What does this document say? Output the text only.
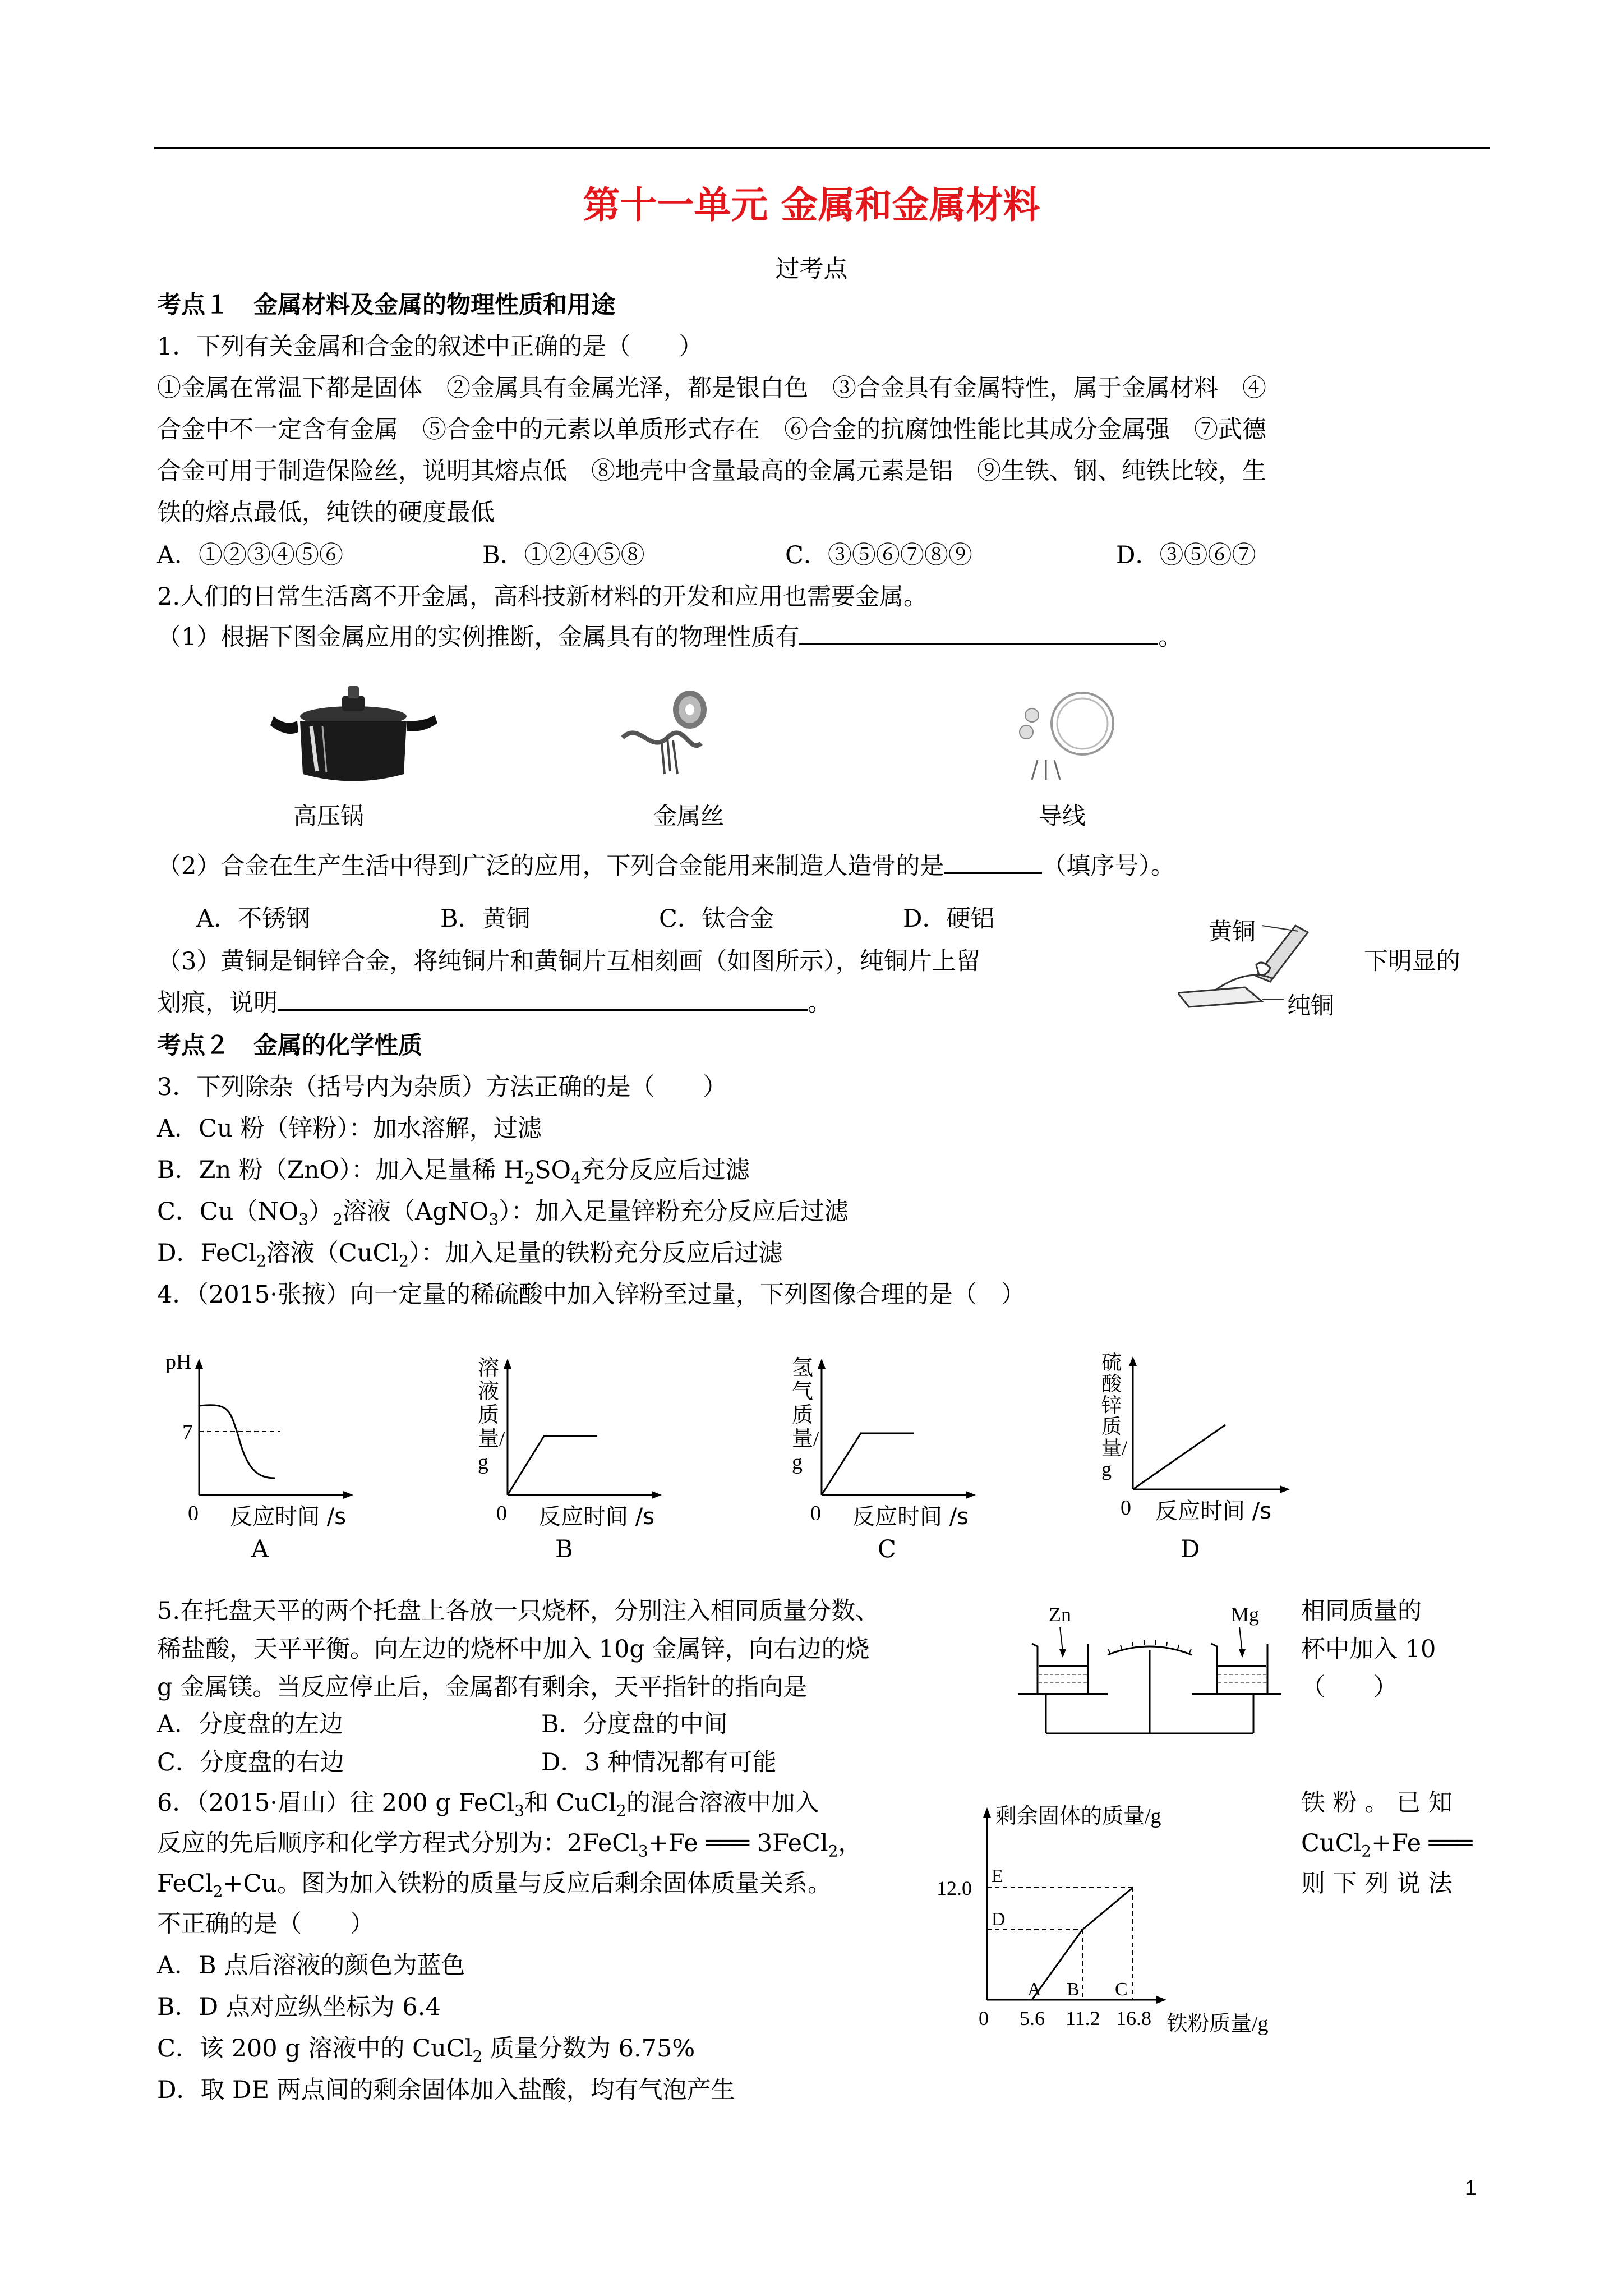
第十一单元 金属和金属材料
过考点
考点１　金属材料及金属的物理性质和用途
1．下列有关金属和合金的叙述中正确的是（　　）
①金属在常温下都是固体　②金属具有金属光泽，都是银白色　③合金具有金属特性，属于金属材料　④
合金中不一定含有金属　⑤合金中的元素以单质形式存在　⑥合金的抗腐蚀性能比其成分金属强　⑦武德
合金可用于制造保险丝，说明其熔点低　⑧地壳中含量最高的金属元素是铝　⑨生铁、钢、纯铁比较，生
铁的熔点最低，纯铁的硬度最低
A．①②③④⑤⑥	B．①②④⑤⑧	C．③⑤⑥⑦⑧⑨	D．③⑤⑥⑦
2.人们的日常生活离不开金属，高科技新材料的开发和应用也需要金属。
（1）根据下图金属应用的实例推断，金属具有的物理性质有	。
高压锅	金属丝	导线
（2）合金在生产生活中得到广泛的应用，下列合金能用来制造人造骨的是	（填序号）。
A．不锈钢	B．黄铜	C．钛合金	D．硬铝
（3）黄铜是铜锌合金，将纯铜片和黄铜片互相刻画（如图所示），纯铜片上留	下明显的
划痕，说明	。
黄铜
纯铜
考点２　金属的化学性质
3．下列除杂（括号内为杂质）方法正确的是（　　）
A．Cu 粉（锌粉）：加水溶解，过滤
B．Zn 粉（ZnO）：加入足量稀 $H_2SO_4$充分反应后过滤
C．$Cu(NO_3)_2$溶液（AgNO$_3$）：加入足量锌粉充分反应后过滤
D．FeCl$_2$溶液（CuCl$_2$）：加入足量的铁粉充分反应后过滤
4．（2015·张掖）向一定量的稀硫酸中加入锌粉至过量，下列图像合理的是（　）
pH
7
0 反应时间 /s
A
0
溶液质量/g
反应时间 /s
B
0
氢气质量/g
反应时间 /s
C
0
硫酸锌质量/g
反应时间 /s
D
5.在托盘天平的两个托盘上各放一只烧杯，分别注入相同质量分数、	相同质量的
稀盐酸，天平平衡。向左边的烧杯中加入 10g 金属锌，向右边的烧	杯中加入 10
g 金属镁。当反应停止后，金属都有剩余，天平指针的指向是	（　　）
A．分度盘的左边	B．分度盘的中间
C．分度盘的右边	D．3 种情况都有可能
Zn	Mg
6．（2015·眉山）往 200 g FeCl$_3$和 CuCl$_2$的混合溶液中加入	铁 粉 。 已 知
反应的先后顺序和化学方程式分别为：2FeCl$_3$+Fe ═══ 3FeCl$_2$，	CuCl$_2$+Fe ═══
FeCl$_2$+Cu。图为加入铁粉的质量与反应后剩余固体质量关系。	则 下 列 说 法
不正确的是（　　）
A．B 点后溶液的颜色为蓝色
B．D 点对应纵坐标为 6.4
C．该 200 g 溶液中的 CuCl$_2$ 质量分数为 6.75%
D．取 DE 两点间的剩余固体加入盐酸，均有气泡产生
剩余固体的质量/g
12.0
E
D
A B C
0 5.6 11.2 16.8 铁粉质量/g
1
